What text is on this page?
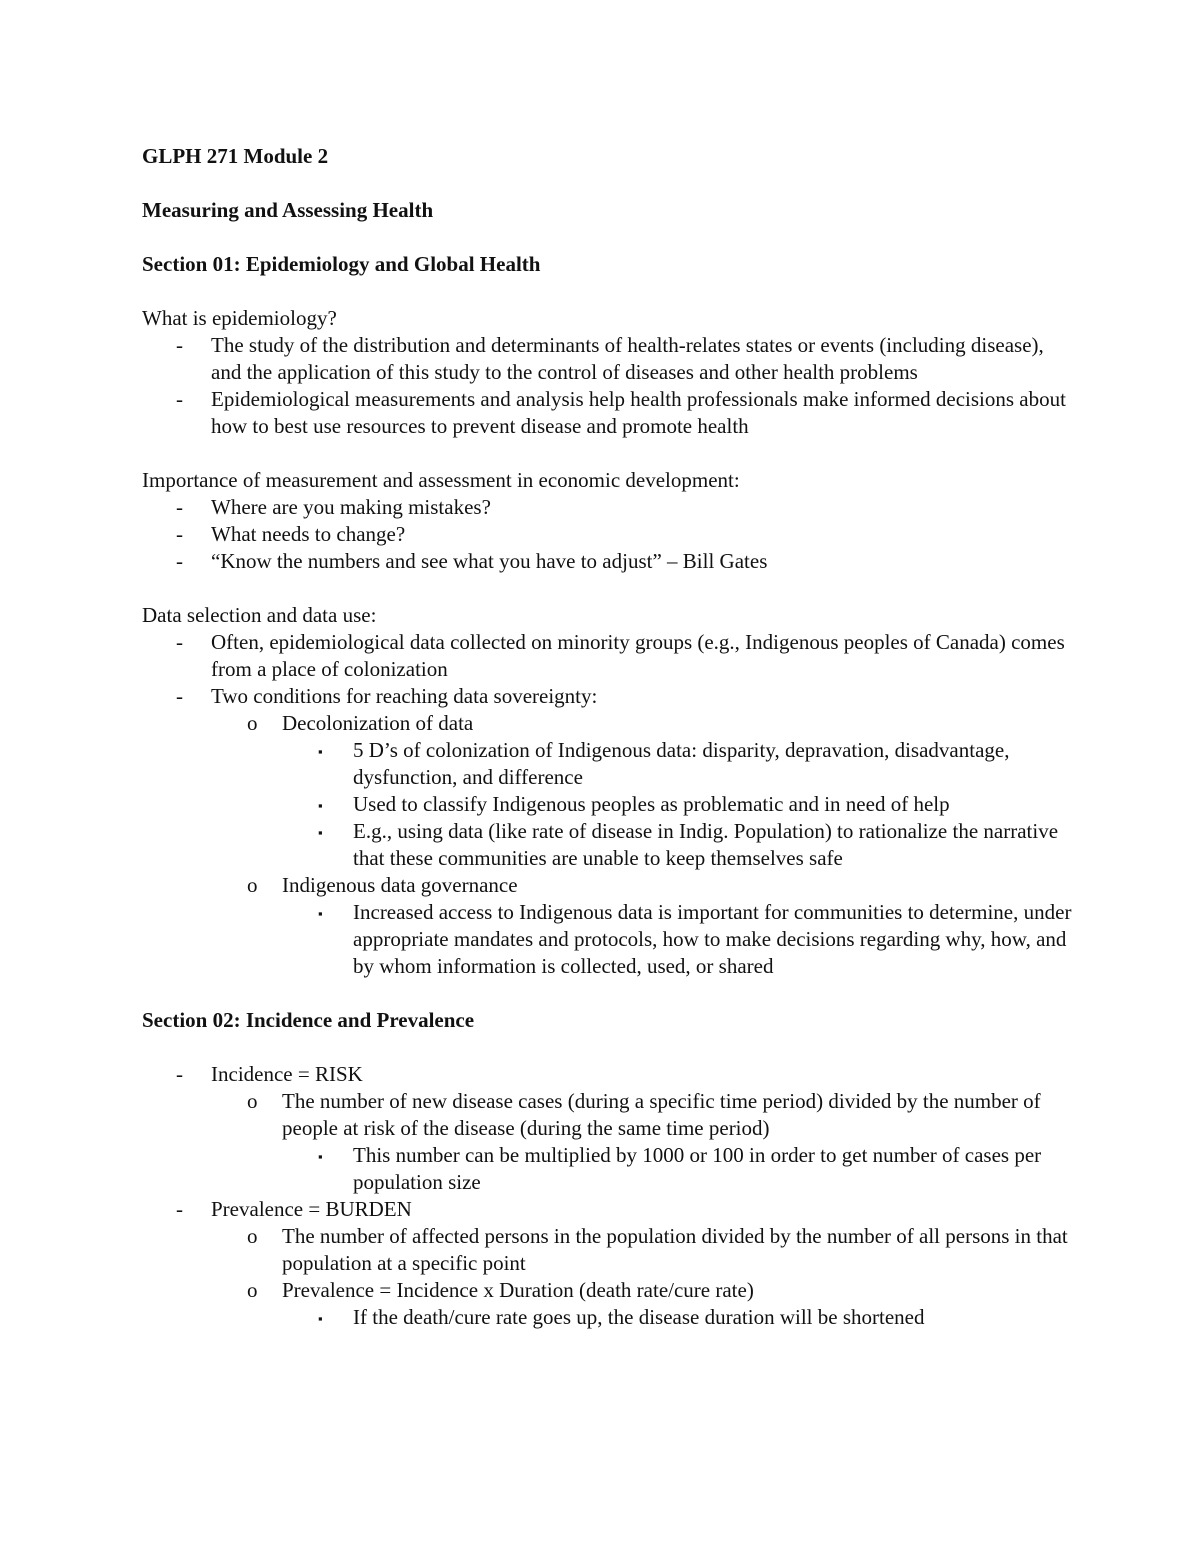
GLPH 271 Module 2

Measuring and Assessing Health

Section 01: Epidemiology and Global Health

What is epidemiology?

- The study of the distribution and determinants of health-relates states or events (including disease), and the application of this study to the control of diseases and other health problems
- Epidemiological measurements and analysis help health professionals make informed decisions about how to best use resources to prevent disease and promote health

Importance of measurement and assessment in economic development:

- Where are you making mistakes?
- What needs to change?
- “Know the numbers and see what you have to adjust” – Bill Gates

Data selection and data use:

- Often, epidemiological data collected on minority groups (e.g., Indigenous peoples of Canada) comes from a place of colonization
- Two conditions for reaching data sovereignty:
o Decolonization of data
▪ 5 D’s of colonization of Indigenous data: disparity, depravation, disadvantage, dysfunction, and difference
▪ Used to classify Indigenous peoples as problematic and in need of help
▪ E.g., using data (like rate of disease in Indig. Population) to rationalize the narrative that these communities are unable to keep themselves safe
o Indigenous data governance
▪ Increased access to Indigenous data is important for communities to determine, under appropriate mandates and protocols, how to make decisions regarding why, how, and by whom information is collected, used, or shared

Section 02: Incidence and Prevalence

- Incidence = RISK
o The number of new disease cases (during a specific time period) divided by the number of people at risk of the disease (during the same time period)
▪ This number can be multiplied by 1000 or 100 in order to get number of cases per population size
- Prevalence = BURDEN
o The number of affected persons in the population divided by the number of all persons in that population at a specific point
o Prevalence = Incidence x Duration (death rate/cure rate)
▪ If the death/cure rate goes up, the disease duration will be shortened
